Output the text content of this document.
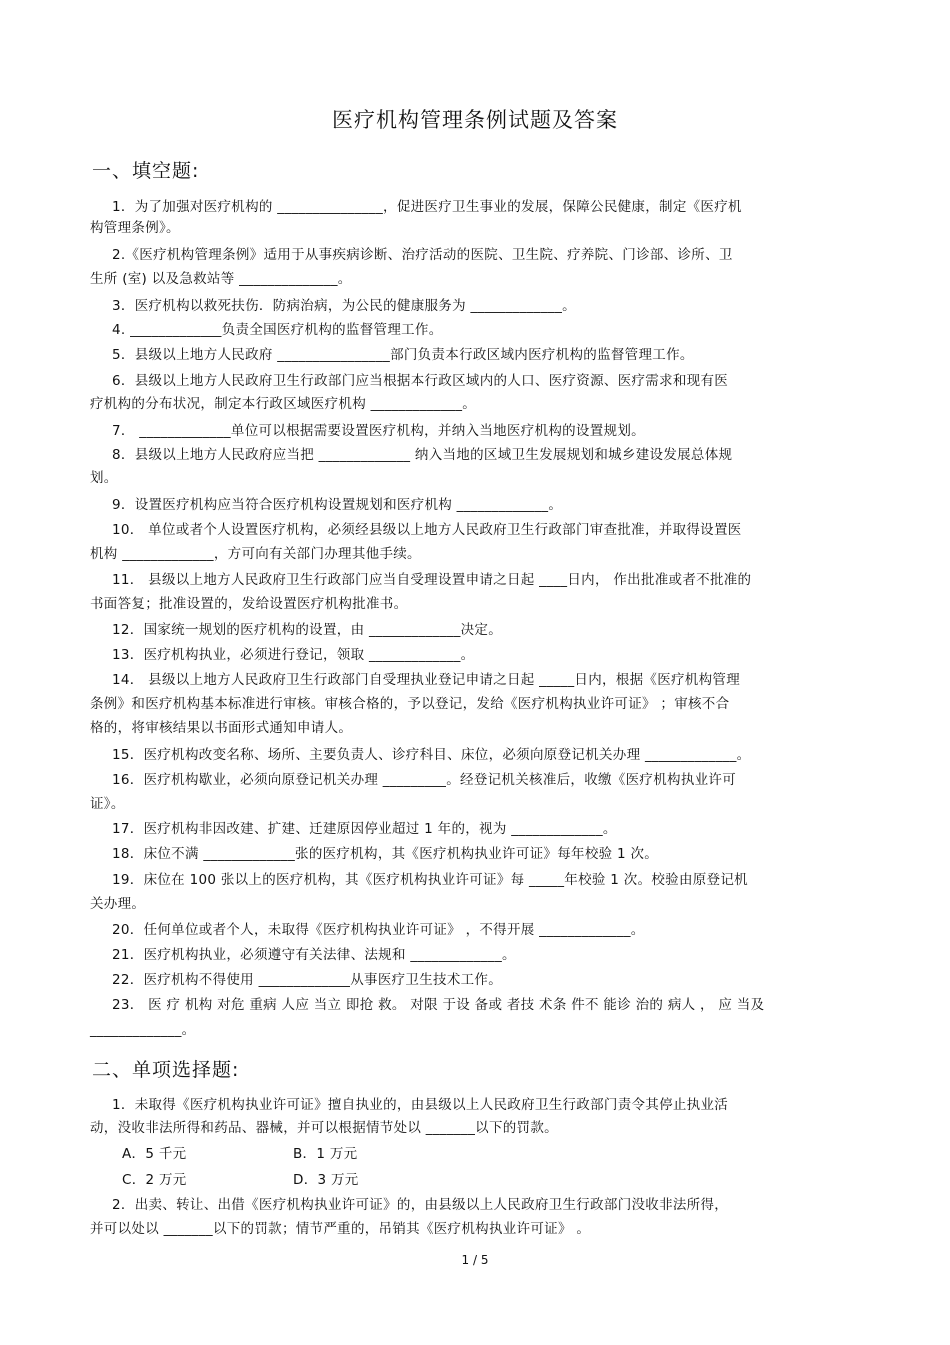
医疗机构管理条例试题及答案
一、填空题:
1．为了加强对医疗机构的 _______________，促进医疗卫生事业的发展，保障公民健康，制定《医疗机
构管理条例》。
2.《医疗机构管理条例》适用于从事疾病诊断、治疗活动的医院、卫生院、疗养院、门诊部、诊所、卫
生所 (室) 以及急救站等 ______________。
3．医疗机构以救死扶伤．防病治病，为公民的健康服务为 _____________。
4. _____________负责全国医疗机构的监督管理工作。
5．县级以上地方人民政府 ________________部门负责本行政区域内医疗机构的监督管理工作。
6．县级以上地方人民政府卫生行政部门应当根据本行政区域内的人口、医疗资源、医疗需求和现有医
疗机构的分布状况，制定本行政区域医疗机构 _____________。
7． _____________单位可以根据需要设置医疗机构，并纳入当地医疗机构的设置规划。
8．县级以上地方人民政府应当把 _____________ 纳入当地的区域卫生发展规划和城乡建设发展总体规
划。
9．设置医疗机构应当符合医疗机构设置规划和医疗机构 _____________。
10． 单位或者个人设置医疗机构，必须经县级以上地方人民政府卫生行政部门审查批准，并取得设置医
机构 _____________，方可向有关部门办理其他手续。
11． 县级以上地方人民政府卫生行政部门应当自受理设置申请之日起 ____日内， 作出批准或者不批准的
书面答复；批准设置的，发给设置医疗机构批准书。
12．国家统一规划的医疗机构的设置，由 _____________决定。
13．医疗机构执业，必须进行登记，领取 _____________。
14． 县级以上地方人民政府卫生行政部门自受理执业登记申请之日起 _____日内，根据《医疗机构管理
条例》和医疗机构基本标准进行审核。审核合格的，予以登记，发给《医疗机构执业许可证》 ；审核不合
格的，将审核结果以书面形式通知申请人。
15．医疗机构改变名称、场所、主要负责人、诊疗科目、床位，必须向原登记机关办理 _____________。
16．医疗机构歇业，必须向原登记机关办理 _________。经登记机关核准后，收缴《医疗机构执业许可
证》。
17．医疗机构非因改建、扩建、迁建原因停业超过 1 年的，视为 _____________。
18．床位不满 _____________张的医疗机构，其《医疗机构执业许可证》每年校验 1 次。
19．床位在 100 张以上的医疗机构，其《医疗机构执业许可证》每 _____年校验 1 次。校验由原登记机
关办理。
20．任何单位或者个人，未取得《医疗机构执业许可证》 ，不得开展 _____________。
21．医疗机构执业，必须遵守有关法律、法规和 _____________。
22．医疗机构不得使用 _____________从事医疗卫生技术工作。
23． 医 疗 机构 对危 重病 人应 当立 即抢 救。 对限 于设 备或 者技 术条 件不 能诊 治的 病人 ， 应 当及
_____________。
二、单项选择题:
1．未取得《医疗机构执业许可证》擅自执业的，由县级以上人民政府卫生行政部门责令其停止执业活
动，没收非法所得和药品、器械，并可以根据情节处以 _______以下的罚款。
A．5 千元	B．1 万元
C．2 万元	D．3 万元
2．出卖、转让、出借《医疗机构执业许可证》的，由县级以上人民政府卫生行政部门没收非法所得，
并可以处以 _______以下的罚款；情节严重的，吊销其《医疗机构执业许可证》 。
1 / 5
